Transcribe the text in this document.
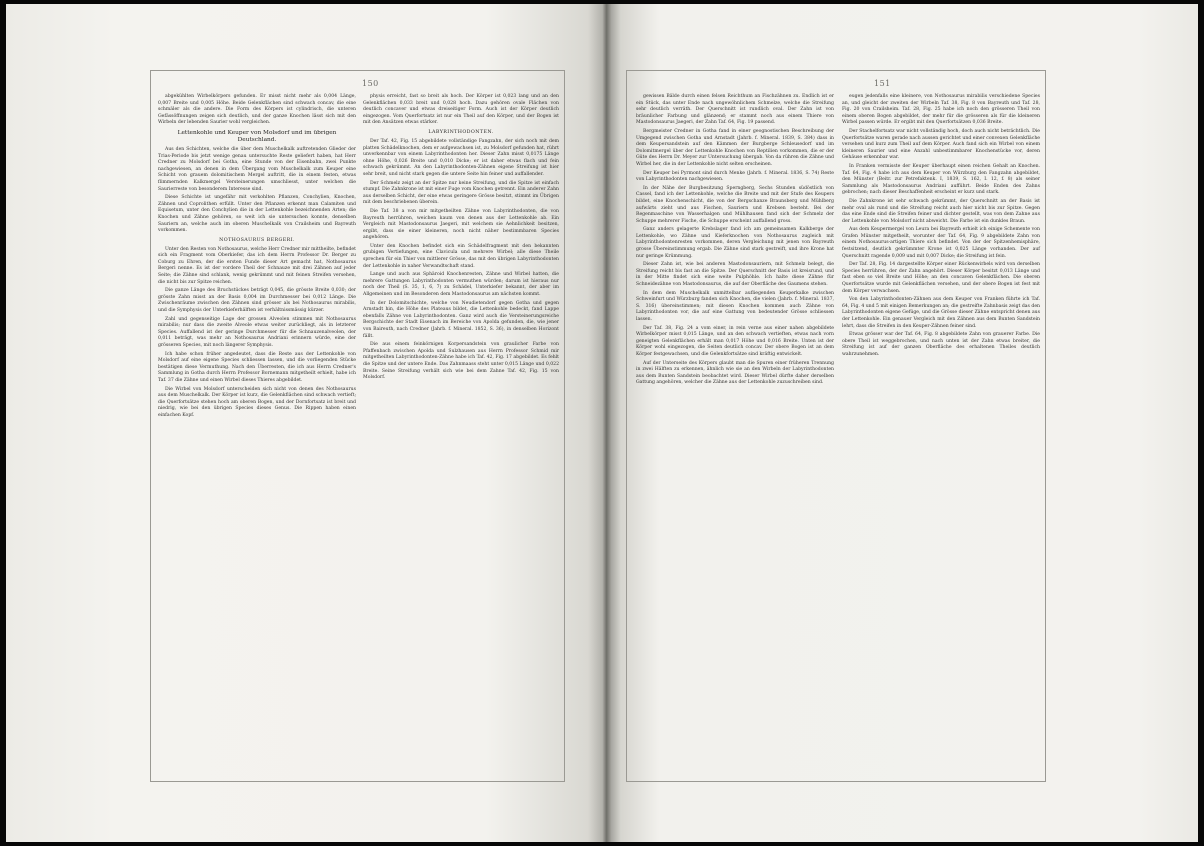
150

abgekühlten Wirbelkörpers gefunden. Er misst nicht mehr als 0,004 Länge, 0,007 Breite und 0,005 Höhe. Beide Gelenkflächen sind schwach concav, die eine schmäler als die andere. Die Form des Körpers ist cylindrisch, die unteren Gefässöffnungen zeigen sich deutlich, und der ganze Knochen lässt sich mit den Wirbeln der lebenden Saurier wohl vergleichen.

Lettenkohle und Keuper von Molsdorf und im übrigen Deutschland.

Aus den Schichten, welche die über dem Muschelkalk auftretenden Glieder der Trias-Periode bis jetzt wenige genau untersuchte Reste geliefert haben, hat Herr Credner zu Molsdorf bei Gotha, eine Stunde von der Eisenbahn, zwei Punkte nachgewiesen, an denen in dem Übergang vom Muschelkalk zum Keuper eine Schicht von grauem dolomitischem Mergel auftritt, die in einem festen, etwas flimmernden Kalkmergel Versteinerungen umschliesst, unter welchen die Saurierreste von besonderem Interesse sind.

Diese Schichte ist ungefähr mit verkohlten Pflanzen, Conchylien, Knochen, Zähnen und Coprolithen erfüllt. Unter den Pflanzen erkennt man Calamiten und Equisetum, unter den Conchylien die in der Lettenkohle bezeichnenden Arten; die Knochen und Zähne gehören, so weit ich sie untersuchen konnte, denselben Sauriern an, welche auch im oberen Muschelkalk von Crailsheim und Bayreuth vorkommen.

NOTHOSAURUS BERGERI.

Unter den Resten von Nothosaurus, welche Herr Credner mir mittheilte, befindet sich ein Fragment vom Oberkiefer, das ich dem Herrn Professor Dr. Berger zu Coburg zu Ehren, der die ersten Funde dieser Art gemacht hat, Nothosaurus Bergeri nenne. Es ist der vordere Theil der Schnauze mit drei Zähnen auf jeder Seite; die Zähne sind schlank, wenig gekrümmt und mit feinen Streifen versehen, die nicht bis zur Spitze reichen.

Die ganze Länge des Bruchstückes beträgt 0,045, die grösste Breite 0,030; der grösste Zahn misst an der Basis 0,004 im Durchmesser bei 0,012 Länge. Die Zwischenräume zwischen den Zähnen sind grösser als bei Nothosaurus mirabilis, und die Symphysis der Unterkieferhälften ist verhältnissmässig kürzer.

Zahl und gegenseitige Lage der grossen Alveolen stimmen mit Nothosaurus mirabilis; nur dass die zweite Alveole etwas weiter zurückliegt, als in letzterer Species. Auffallend ist der geringe Durchmesser für die Schnauzenalveolen, der 0,011 beträgt, was mehr an Nothosaurus Andriani erinnern würde, eine der grösseren Species, mit noch längerer Symphysis.

Ich habe schon früher angedeutet, dass die Reste aus der Lettenkohle von Molsdorf auf eine eigene Species schliessen lassen, und die vorliegenden Stücke bestätigen diese Vermuthung. Nach den Überresten, die ich aus Herrn Credner's Sammlung in Gotha durch Herrn Professor Bornemann mitgetheilt erhielt, habe ich Taf. 37 die Zähne und einen Wirbel dieses Thieres abgebildet.

Die Wirbel von Molsdorf unterscheiden sich nicht von denen des Nothosaurus aus dem Muschelkalk. Der Körper ist kurz, die Gelenkflächen sind schwach vertieft; die Querfortsätze stehen hoch am oberen Bogen, und der Dornfortsatz ist breit und niedrig, wie bei den übrigen Species dieses Genus. Die Rippen haben einen einfachen Kopf.

physis erreicht, fast so breit als hoch. Der Körper ist 0,023 lang und an den Gelenkflächen 0,033 breit und 0,028 hoch. Dazu gehören ovale Flächen von deutlich concaver und etwas dreiseitiger Form. Auch ist der Körper deutlich eingezogen. Vom Querfortsatz ist nur ein Theil auf den Körper, und der Bogen ist mit den Ansätzen etwas stärker.

LABYRINTHODONTEN.

Der Taf. 42, Fig. 15 abgebildete vollständige Fangzahn, der sich noch mit dem platten Schädelknochen, dem er aufgewachsen ist, zu Molsdorf gefunden hat, rührt unverkennbar von einem Labyrinthodonten her. Dieser Zahn misst 0,0175 Länge ohne Höhe, 0,026 Breite und 0,010 Dicke; er ist daher etwas flach und fein schwach gekrümmt. An den Labyrinthodonten-Zähnen eigene Streifung ist hier sehr breit, und nicht stark gegen die untere Seite hin feiner und auffallender.

Der Schmelz zeigt an der Spitze nur keine Streifung, und die Spitze ist einfach stumpf. Die Zahnkrone ist mit einer Fuge vom Knochen getrennt. Ein anderer Zahn aus derselben Schicht, der eine etwas geringere Grösse besitzt, stimmt im Übrigen mit dem beschriebenen überein.

Die Taf. 38 a von mir mitgetheilten Zähne von Labyrinthodonten, die von Bayreuth herrühren, weichen kaum von denen aus der Lettenkohle ab. Ein Vergleich mit Mastodonsaurus Jaegeri, mit welchem sie Aehnlichkeit besitzen, ergibt, dass sie einer kleineren, noch nicht näher bestimmbaren Species angehören.

Unter den Knochen befindet sich ein Schädelfragment mit den bekannten grubigen Vertiefungen, eine Clavicula und mehrere Wirbel; alle diese Theile sprechen für ein Thier von mittlerer Grösse, das mit den übrigen Labyrinthodonten der Lettenkohle in naher Verwandtschaft stand.

Lange und auch aus Sphäroid Knochenresten, Zähne und Wirbel hatten, die mehrere Gattungen Labyrinthodonten vermuthen würden; darum ist hieraus nur noch der Theil (S. 35, 1, 6, 7) zu Schädel, Unterkiefer bekannt, der aber im Allgemeinen und im Besonderen dem Mastodonsaurus am nächsten kommt.

In der Dolomitschichte, welche von Neudietendorf gegen Gotha und gegen Arnstadt hin, die Höhe des Plateaus bildet, die Lettenkohle bedeckt, fand Lappe ebenfalls Zähne von Labyrinthodonten. Ganz wird auch die Versteinerungsreiche Bergschichte der Stadt Eisenach im Bereiche von Apolda gefunden, die, wie jener von Baireuth, nach Credner (Jahrb. f. Mineral. 1852, S. 36), in denselben Horizont fällt.

Die aus einem feinkörnigen Korpersandstein von graulicher Farbe von Pfaffenbach zwischen Apolda und Sulzhausen aus Herrn Professor Schmid mir mitgetheilten Labyrinthodonten-Zähne habe ich Taf. 42, Fig. 17 abgebildet. Es fehlt die Spitze und der untere Ende. Das Zahnmaass steht unter 0,015 Länge und 0,022 Breite. Seine Streifung verhält sich wie bei dem Zahne Taf. 42, Fig. 15 von Molsdorf.

151

gewissen Bälde durch einen felsen Reichthum an Fischzähnen zu. Endlich ist er ein Stück, das unter Ende nach ungewöhnlichem Schmelze, welche die Streifung sehr deutlich verräth. Der Querschnitt ist rundlich oval. Der Zahn ist von bräunlicher Farbung und glänzend; er stammt noch aus einem Thiere von Mastodonsaurus Jaegeri, der Zahn Taf. 64, Fig. 19 passend.

Bergmeister Credner in Gotha fand in einer geognostischen Beschreibung der Umgegend zwischen Gotha und Arnstadt (Jahrb. f. Mineral. 1839, S. 384) dass in dem Keupersandstein auf den Kämmen der Burgberge Schleusedorf und im Dolomitmergel über der Lettenkohle Knochen von Reptilien vorkommen, die er der Güte des Herrn Dr. Meyer zur Untersuchung übergab. Von da rühren die Zähne und Wirbel her, die in der Lettenkohle nicht selten erscheinen.

Der Keuper bei Pyrmont sind durch Menke (Jahrb. f. Mineral. 1836, S. 74) Reste von Labyrinthodonten nachgewiesen.

In der Nähe der Burgbesitzung Sperngberg, Sechs Stunden südöstlich von Cassel, fand ich der Lettenkohle, welche die Breite und mit der Stufe des Keupers bildet, eine Knochenschicht, die von der Bergschanze Braunsberg und Mühlberg aufwärts zieht und aus Fischen, Sauriern und Krebsen besteht. Bei der Regenmaschine von Wasserhalgen und Mühlhausen fand sich der Schmelz der Schuppe mehrerer Fische, die Schuppe erscheint auffallend gross.

Ganz anders gelagerte Krebslager fand ich am gemeinsamen Kalkberge der Lettenkohle, wo Zähne und Kieferknochen von Nothosaurus zugleich mit Labyrinthodontenresten vorkommen, deren Vergleichung mit jenen von Bayreuth grosse Übereinstimmung ergab. Die Zähne sind stark gestreift, und ihre Krone hat nur geringe Krümmung.

Dieser Zahn ist, wie bei anderen Mastodonsauriern, mit Schmelz belegt, die Streifung reicht bis fast an die Spitze. Der Querschnitt der Basis ist kreisrund, und in der Mitte findet sich eine weite Pulphöhle. Ich halte diese Zähne für Schneidezähne von Mastodonsaurus, die auf der Oberfläche des Gaumens stehen.

In dem dem Muschelkalk unmittelbar aufliegenden Keuperkalke zwischen Schweinfurt und Würzburg fanden sich Knochen, die vielen (Jahrb. f. Mineral. 1837, S. 316) übereinstimmen; mit diesen Knochen kommen auch Zähne von Labyrinthodonten vor, die auf eine Gattung von bedeutender Grösse schliessen lassen.

Der Taf. 38, Fig. 24 a vom einer, in rein verne aus einer nahen abgebildete Wirbelkörper misst 0,015 Länge, und an den schwach vertieften, etwas nach vorn geneigten Gelenkflächen erhält man 0,017 Höhe und 0,016 Breite. Unten ist der Körper wohl eingezogen, die Seiten deutlich concav. Der obere Bogen ist an dem Körper festgewachsen, und die Gelenkfortsätze sind kräftig entwickelt.

Auf der Unterseite des Körpers glaubt man die Spuren einer früheren Trennung in zwei Hälften zu erkennen, ähnlich wie sie an den Wirbeln der Labyrinthodonten aus dem Bunten Sandstein beobachtet wird. Dieser Wirbel dürfte daher derselben Gattung angehören, welcher die Zähne aus der Lettenkohle zuzuschreiben sind.

eugen jedenfalls eine kleinere, von Nothosaurus mirabilis verschiedene Species an, und gleicht der zweiten der Wirbeln Taf. 38, Fig. 8 von Bayreuth und Taf. 28, Fig. 20 von Crailsheim. Taf. 28, Fig. 25 habe ich noch den grösseren Theil von einem oberen Bogen abgebildet, der mehr für die grösseren als für die kleineren Wirbel passen würde. Er ergibt mit den Querfortsätzen 0,036 Breite.

Der Stachelfortsatz war nicht vollständig hoch, doch auch nicht beträchtlich. Die Querfortsätze waren gerade nach aussen gerichtet und einer convexen Gelenkfläche versehen und kurz zum Theil auf dem Körper. Auch fand sich ein Wirbel von einem kleineren Saurier und eine Anzahl unbestimmbarer Knochenstücke vor, deren Gehäuse erkennbar war.

In Franken vermisste der Keuper überhaupt einen reichen Gehalt an Knochen. Taf. 64, Fig. 4 habe ich aus dem Keuper von Würzburg den Fangzahn abgebildet, den Münster (Beitr. zur Petrefaktenk. I, 1839, S. 162, I. 12, f. 8) als seiner Sammlung als Mastodonsaurus Andriani aufführt. Beide Enden des Zahns gebrochen; nach dieser Beschaffenheit erscheint er kurz und stark.

Die Zahnkrone ist sehr schwach gekrümmt, der Querschnitt an der Basis ist mehr oval als rund und die Streifung reicht auch hier nicht bis zur Spitze. Gegen das eine Ende sind die Streifen feiner und dichter gestellt, was von dem Zahne aus der Lettenkohle von Molsdorf nicht abweicht. Die Farbe ist ein dunkles Braun.

Aus dem Keupermergel von Leura bei Bayreuth erhielt ich einige Schemente von Grafen Münster mitgetheilt, worunter der Taf. 64, Fig. 9 abgebildete Zahn von einem Nothosaurus-artigen Thiere sich befindet. Von der der Spitzenhemisphäre, festsitzend, deutlich gekrümmter Krone ist 0,025 Länge vorhanden. Der auf Querschnitt ragende 0,009 und mit 0,007 Dicke; die Streifung ist fein.

Der Taf. 28, Fig. 14 dargestellte Körper einer Rückenwirbels wird von derselben Species herrühren, der der Zahn angehört. Dieser Körper besitzt 0,013 Länge und fast eben so viel Breite und Höhe; an den concaven Gelenkflächen. Die oberen Querfortsätze wurde mit Gelenkflächen versehen, und der obere Bogen ist fest mit dem Körper verwachsen.

Von den Labyrinthodonten-Zähnen aus dem Keuper von Franken führte ich Taf. 64, Fig. 4 und 5 mit einigen Bemerkungen an; die gestreifte Zahnbasis zeigt das den Labyrinthodonten eigene Gefüge, und die Grösse dieser Zähne entspricht denen aus der Lettenkohle. Ein genauer Vergleich mit den Zähnen aus dem Bunten Sandstein lehrt, dass die Streifen in den Keuper-Zähnen feiner sind.

Etwas grösser war der Taf. 64, Fig. 8 abgebildete Zahn von grauerer Farbe. Die obere Theil ist weggebrochen, und nach unten ist der Zahn etwas breiter, die Streifung ist auf der ganzen Oberfläche des erhaltenen Theiles deutlich wahrzunehmen.
